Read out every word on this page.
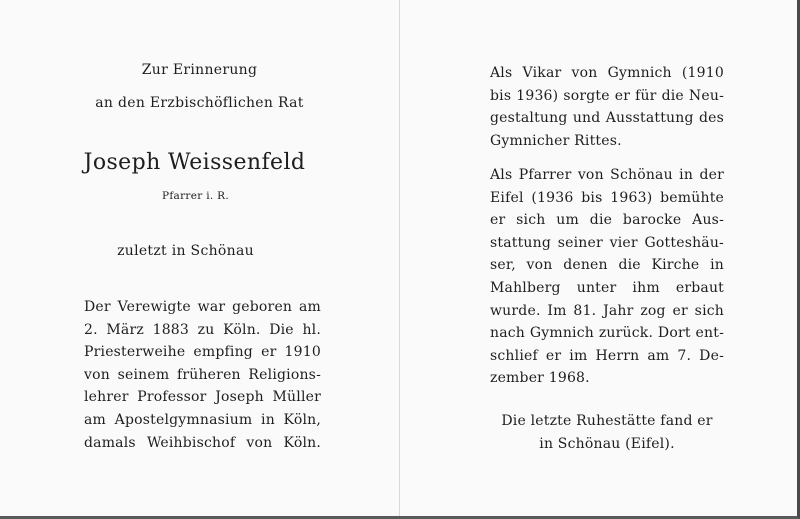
Zur Erinnerung
an den Erzbischöflichen Rat
Joseph Weissenfeld
Pfarrer i. R.
zuletzt in Schönau
Der Verewigte war geboren am
2. März 1883 zu Köln. Die hl.
Priesterweihe empfing er 1910
von seinem früheren Religions-
lehrer Professor Joseph Müller
am Apostelgymnasium in Köln,
damals Weihbischof von Köln.
Als Vikar von Gymnich (1910
bis 1936) sorgte er für die Neu-
gestaltung und Ausstattung des
Gymnicher Rittes.
Als Pfarrer von Schönau in der
Eifel (1936 bis 1963) bemühte
er sich um die barocke Aus-
stattung seiner vier Gotteshäu-
ser, von denen die Kirche in
Mahlberg unter ihm erbaut
wurde. Im 81. Jahr zog er sich
nach Gymnich zurück. Dort ent-
schlief er im Herrn am 7. De-
zember 1968.
Die letzte Ruhestätte fand er
in Schönau (Eifel).
